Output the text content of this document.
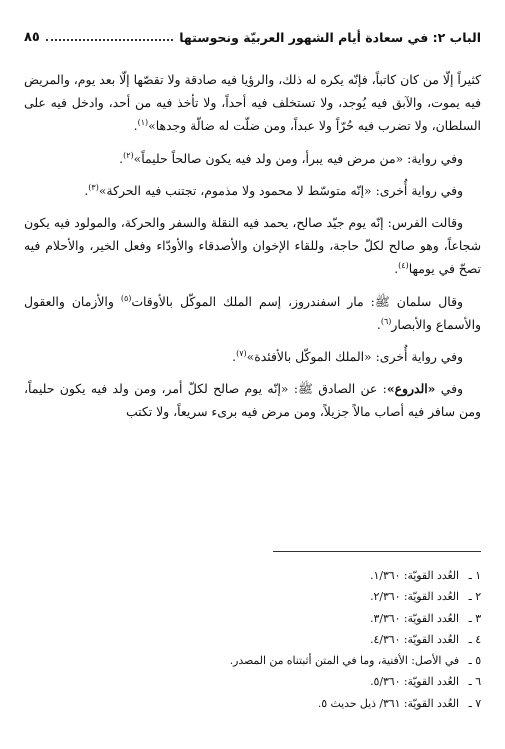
الباب ٢: في سعادة أيام الشهور العربيّة ونحوستها
٨٥

كثيراً إلّا من كان كاتباً، فإنّه يكره له ذلك، والرؤيا فيه صادقة ولا تقصّها إلّا بعد يوم، والمريض فيه يموت، والآبق فيه يُوجد، ولا تستخلف فيه أحداً، ولا تأخذ فيه من أحد، وادخل فيه على السلطان، ولا تضرب فيه حُرّاً ولا عبداً، ومن ضلّت له ضالّة وجدها»$^{(١)}$.

وفي رواية: «من مرض فيه يبرأ، ومن ولد فيه يكون صالحاً حليماً»$^{(٢)}$.

وفي رواية أُخرى: «إنّه متوسّط لا محمود ولا مذموم، تجتنب فيه الحركة»$^{(٣)}$.

وقالت الفرس: إنّه يوم جيّد صالح، يحمد فيه النقلة والسفر والحركة، والمولود فيه يكون شجاعاً، وهو صالح لكلّ حاجة، وللقاء الإخوان والأصدقاء والأودّاء وفعل الخير، والأحلام فيه تصحّ في يومها$^{(٤)}$.

وقال سلمان ﷺ: مار اسفندروز، إسم الملك الموكّل بالأوقات$^{(٥)}$ والأزمان والعقول والأسماع والأبصار$^{(٦)}$.

وفي رواية أُخرى: «الملك الموكّل بالأفئدة»$^{(٧)}$.

وفي «الدروع»: عن الصادق ﷺ: «إنّه يوم صالح لكلّ أمر، ومن ولد فيه يكون حليماً، ومن سافر فيه أصاب مالاً جزيلاً، ومن مرض فيه برىء سريعاً، ولا تكتب

١ ـ
العُدد القويّة: ١/٣٦٠.
٢ ـ
العُدد القويّة: ٢/٣٦٠.
٣ ـ
العُدد القويّة: ٣/٣٦٠.
٤ ـ
العُدد القويّة: ٤/٣٦٠.
٥ ـ
في الأصل: الأفنية، وما في المتن أثبتناه من المصدر.
٦ ـ
العُدد القويّة: ٥/٣٦٠.
٧ ـ
العُدد القويّة: ٣٦١/ ذيل حديث ٥.
